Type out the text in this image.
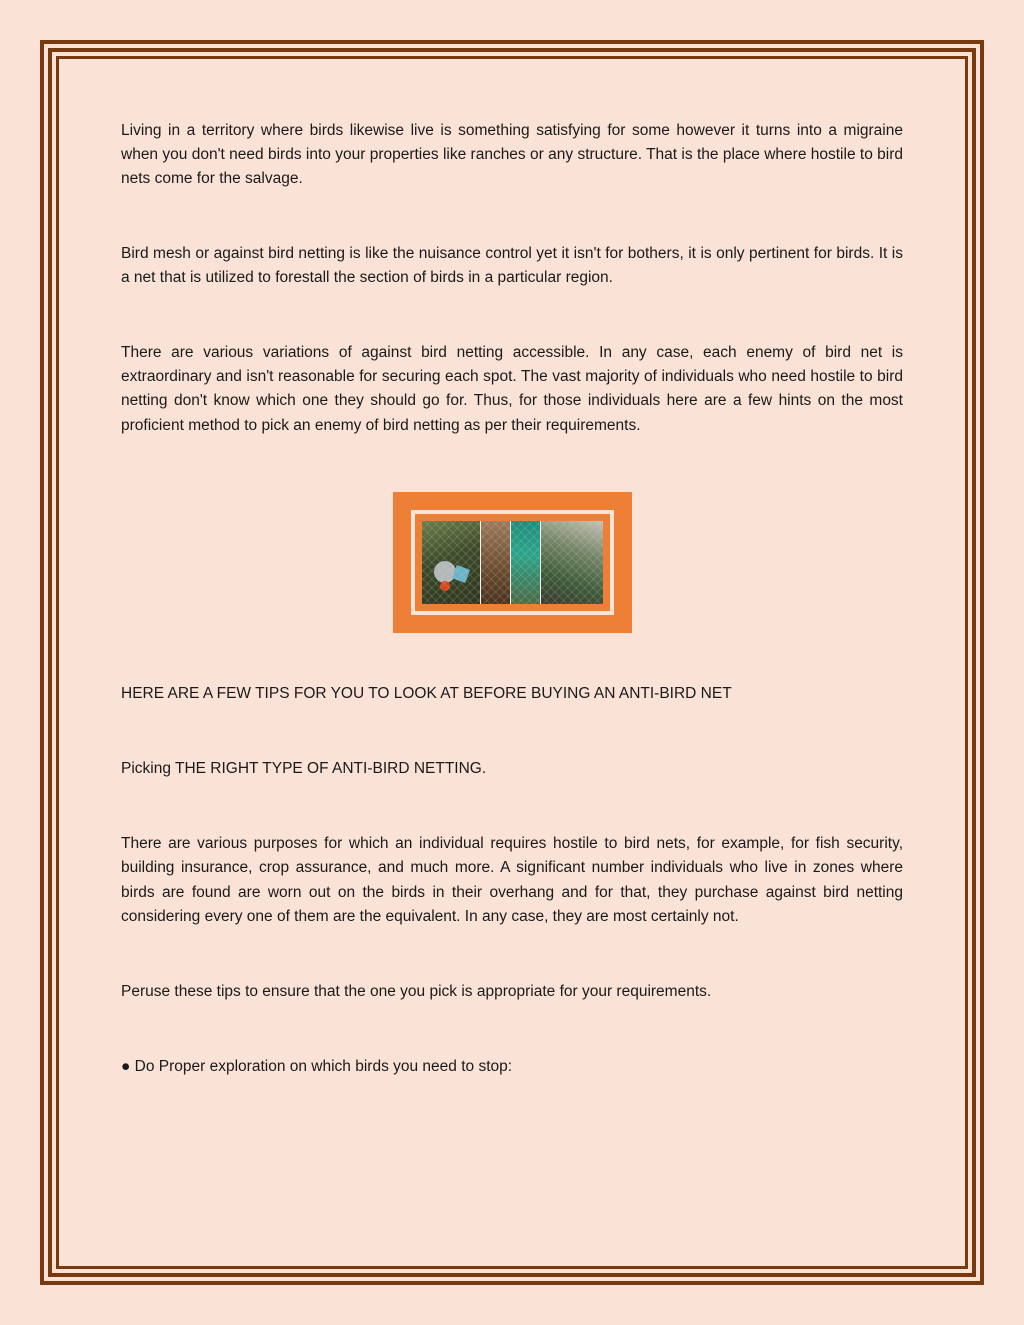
Living in a territory where birds likewise live is something satisfying for some however it turns into a migraine when you don't need birds into your properties like ranches or any structure. That is the place where hostile to bird nets come for the salvage.

Bird mesh or against bird netting is like the nuisance control yet it isn't for bothers, it is only pertinent for birds. It is a net that is utilized to forestall the section of birds in a particular region.

There are various variations of against bird netting accessible. In any case, each enemy of bird net is extraordinary and isn't reasonable for securing each spot. The vast majority of individuals who need hostile to bird netting don't know which one they should go for. Thus, for those individuals here are a few hints on the most proficient method to pick an enemy of bird netting as per their requirements.

HERE ARE A FEW TIPS FOR YOU TO LOOK AT BEFORE BUYING AN ANTI-BIRD NET

Picking THE RIGHT TYPE OF ANTI-BIRD NETTING.

There are various purposes for which an individual requires hostile to bird nets, for example, for fish security, building insurance, crop assurance, and much more. A significant number individuals who live in zones where birds are found are worn out on the birds in their overhang and for that, they purchase against bird netting considering every one of them are the equivalent. In any case, they are most certainly not.

Peruse these tips to ensure that the one you pick is appropriate for your requirements.

● Do Proper exploration on which birds you need to stop:
